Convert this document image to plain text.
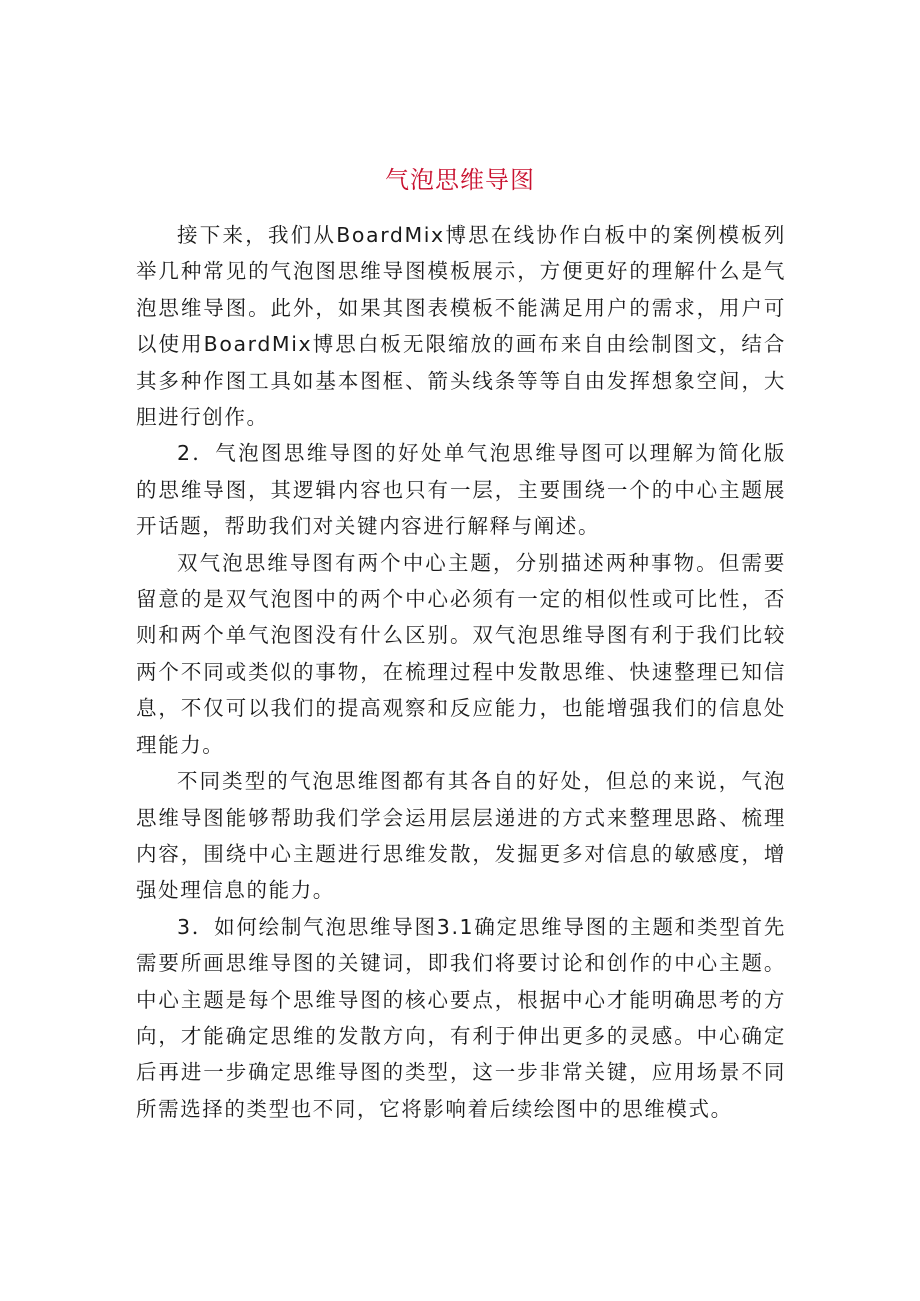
气泡思维导图

接下来，我们从BoardMix博思在线协作白板中的案例模板列举几种常见的气泡图思维导图模板展示，方便更好的理解什么是气泡思维导图。此外，如果其图表模板不能满足用户的需求，用户可以使用BoardMix博思白板无限缩放的画布来自由绘制图文，结合其多种作图工具如基本图框、箭头线条等等自由发挥想象空间，大胆进行创作。

2．气泡图思维导图的好处单气泡思维导图可以理解为简化版的思维导图，其逻辑内容也只有一层，主要围绕一个的中心主题展开话题，帮助我们对关键内容进行解释与阐述。

双气泡思维导图有两个中心主题，分别描述两种事物。但需要留意的是双气泡图中的两个中心必须有一定的相似性或可比性，否则和两个单气泡图没有什么区别。双气泡思维导图有利于我们比较两个不同或类似的事物，在梳理过程中发散思维、快速整理已知信息，不仅可以我们的提高观察和反应能力，也能增强我们的信息处理能力。

不同类型的气泡思维图都有其各自的好处，但总的来说，气泡思维导图能够帮助我们学会运用层层递进的方式来整理思路、梳理内容，围绕中心主题进行思维发散，发掘更多对信息的敏感度，增强处理信息的能力。

3．如何绘制气泡思维导图3.1确定思维导图的主题和类型首先需要所画思维导图的关键词，即我们将要讨论和创作的中心主题。中心主题是每个思维导图的核心要点，根据中心才能明确思考的方向，才能确定思维的发散方向，有利于伸出更多的灵感。中心确定后再进一步确定思维导图的类型，这一步非常关键，应用场景不同所需选择的类型也不同，它将影响着后续绘图中的思维模式。
